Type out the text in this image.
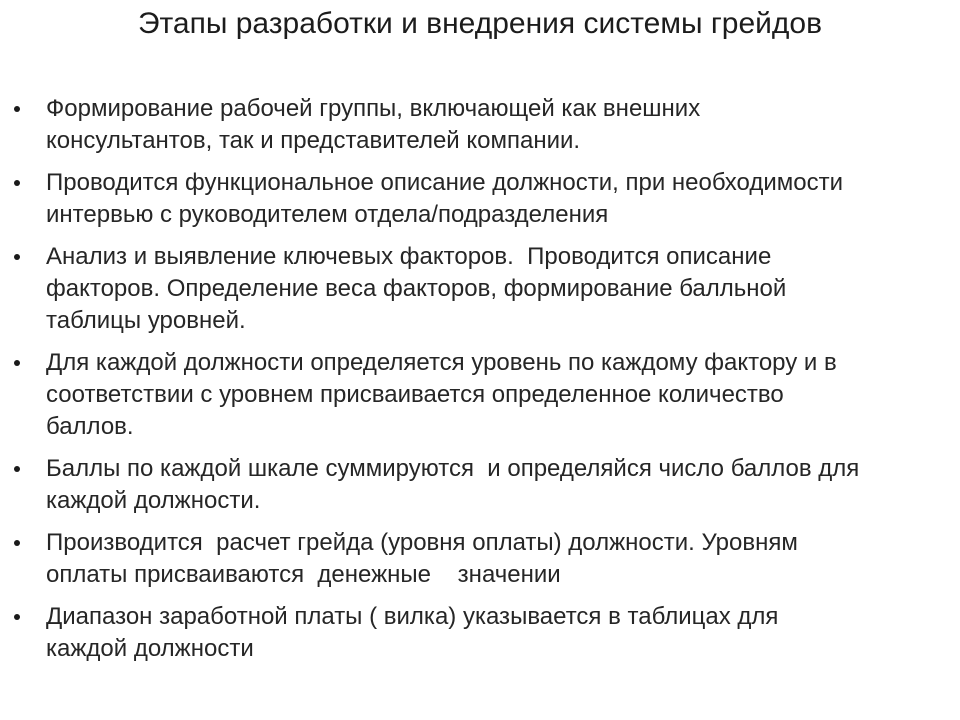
Этапы разработки и внедрения системы грейдов
Формирование рабочей группы, включающей как внешних
консультантов, так и представителей компании.
Проводится функциональное описание должности, при необходимости
интервью с руководителем отдела/подразделения
Анализ и выявление ключевых факторов.  Проводится описание
факторов. Определение веса факторов, формирование балльной
таблицы уровней.
Для каждой должности определяется уровень по каждому фактору и в
соответствии с уровнем присваивается определенное количество
баллов.
Баллы по каждой шкале суммируются  и определяйся число баллов для
каждой должности.
Производится  расчет грейда (уровня оплаты) должности. Уровням
оплаты присваиваются  денежные    значении
Диапазон заработной платы ( вилка) указывается в таблицах для
каждой должности
